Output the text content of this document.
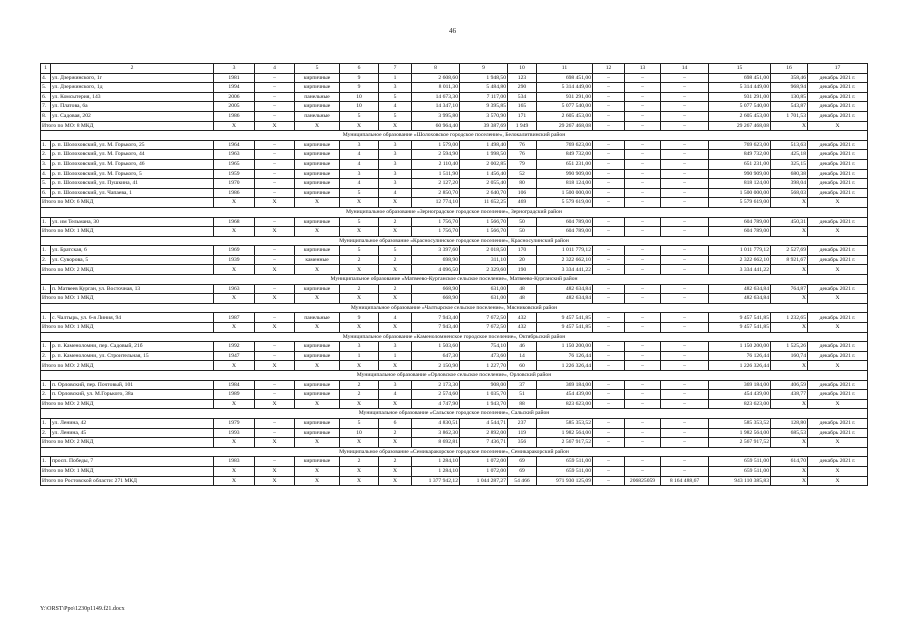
46
1	2	3	4	5	6	7	8	9	10	11	12	13	14	15	16	17
4.	ул. Дзержинского, 1г	1981	–	кирпичные	9	1	2 608,60	1 948,50	123	698 451,00	–	–	–	698 451,00	358,46	декабрь 2021 г.
5.	ул. Дзержинского, 1д	1994	–	кирпичные	9	3	8 011,30	5 484,80	290	5 314 449,00	–	–	–	5 314 449,00	968,94	декабрь 2021 г.
6.	ул. Комсытерия, 143	2006	–	панельные	10	5	14 673,30	7 117,00	534	931 291,00	–	–	–	931 291,00	130,85	декабрь 2021 г.
7.	ул. Платова, 6а	2005	–	кирпичные	10	4	14 347,10	9 395,85	165	5 077 540,00	–	–	–	5 077 540,00	543,87	декабрь 2021 г.
8.	ул. Садовая, 202	1986	–	панельные	5	5	3 995,80	3 570,90	171	2 605 453,00	–	–	–	2 605 453,00	1 701,53	декабрь 2021 г.
Итого по МО: 8 МКД		X	X	X	X	X	60 964,40	39 387,69	1 949	29 267 468,08	–	–	–	29 267 468,08	X	X
Муниципальное образование «Шолоховское городское поселение», Белокалитвинский район																
1.	р. п. Шолоховский, ул. М. Горького, 25	1964	–	кирпичные	3	3	1 579,00	1 498,40	76	769 623,00	–	–	–	769 623,00	513,63	декабрь 2021 г.
2.	р. п. Шолоховский, ул. М. Горького, 44	1963	–	кирпичные	4	3	2 594,90	1 998,50	76	849 732,00	–	–	–	849 732,00	425,18	декабрь 2021 г.
3.	р. п. Шолоховский, ул. М. Горького, 46	1965	–	кирпичные	4	3	2 110,40	2 002,85	79	651 231,00	–	–	–	651 231,00	325,15	декабрь 2021 г.
4.	р. п. Шолоховский, ул. М. Горького, 5	1959	–	кирпичные	3	3	1 511,90	1 456,40	52	990 909,00	–	–	–	990 909,00	680,38	декабрь 2021 г.
5.	р. п. Шолоховский, ул. Пушкина, 41	1970	–	кирпичные	4	3	2 127,20	2 055,40	80	818 124,00	–	–	–	818 124,00	398,04	декабрь 2021 г.
6.	р. п. Шолоховский, ул. Чапаева, 1	1986	–	кирпичные	5	4	2 850,70	2 640,70	106	1 500 000,00	–	–	–	1 500 000,00	568,03	декабрь 2021 г.
Итого по МО: 6 МКД		X	X	X	X	X	12 774,10	11 652,25	469	5 579 619,00	–	–	–	5 579 619,00	X	X
Муниципальное образование «Зерноградское городское поселение», Зерноградский район																
1.	ул. им Тельмана, 30	1968	–	кирпичные	5	2	1 756,70	1 566,70	50	604 789,00	–	–	–	604 789,00	450,31	декабрь 2021 г.
Итого по МО: 1 МКД		X	X	X	X	X	1 756,70	1 566,70	50	604 789,00	–	–	–	604 789,00	X	X
Муниципальное образование «Красносулинское городское поселение», Красносулинский район																
1.	ул. Братская, 6	1969	–	кирпичные	5	5	3 397,60	2 018,50	170	1 011 779,12	–	–	–	1 011 779,12	2 527,69	декабрь 2021 г.
2.	ул. Суворова, 5	1939	–	каменные	2	2	698,90	311,10	20	2 322 662,10	–	–	–	2 322 662,10	8 921,67	декабрь 2021 г.
Итого по МО: 2 МКД		X	X	X	X	X	4 096,50	2 329,60	190	3 334 441,22	–	–	–	3 334 441,22	X	X
Муниципальное образование «Матвеево-Курганское сельское поселение», Матвеево-Курганский район																
1.	п. Матвеев Курган, ул. Восточная, 13	1963	–	кирпичные	2	2	668,90	631,00	48	482 634,84	–	–	–	482 634,84	764,87	декабрь 2021 г.
Итого по МО: 1 МКД		X	X	X	X	X	668,90	631,00	48	482 634,84	–	–	–	482 634,84	X	X
Муниципальное образование «Чалтырское сельское поселение», Мясниковский район																
1.	с. Чалтырь, ул. 6-я Линия, 94	1987	–	панельные	9	4	7 943,40	7 672,50	432	9 457 541,85	–	–	–	9 457 541,85	1 232,65	декабрь 2021 г.
Итого по МО: 1 МКД		X	X	X	X	X	7 943,40	7 672,50	432	9 457 541,85	–	–	–	9 457 541,85	X	X
Муниципальное образование «Каменоломненское городское поселение», Октябрьский район																
1.	р. п. Каменоломни, пер. Садовый, 21б	1992	–	кирпичные	3	3	1 503,60	754,10	46	1 150 200,00	–	–	–	1 150 200,00	1 525,26	декабрь 2021 г.
2.	р. п. Каменоломни, ул. Строительная, 15	1947	–	кирпичные	1	1	647,30	473,60	14	76 126,44	–	–	–	76 126,44	160,74	декабрь 2021 г.
Итого по МО: 2 МКД		X	X	X	X	X	2 150,90	1 227,70	60	1 226 326,44	–	–	–	1 226 326,44	X	X
Муниципальное образование «Орловское сельское поселение», Орловский район																
1.	п. Орловский, пер. Почтовый, 101	1984	–	кирпичные	2	3	2 173,30	908,00	37	369 184,00	–	–	–	369 184,00	406,59	декабрь 2021 г.
2.	п. Орловский, ул. М.Горького, 38а	1989	–	кирпичные	2	4	2 574,60	1 035,70	51	454 439,00	–	–	–	454 439,00	438,77	декабрь 2021 г.
Итого по МО: 2 МКД		X	X	X	X	X	4 747,90	1 943,70	88	823 623,00	–	–	–	823 623,00	X	X
Муниципальное образование «Сальское городское поселение», Сальский район																
1.	ул. Ленина, 42	1979	–	кирпичные	5	6	4 830,51	4 544,71	237	585 353,52	–	–	–	585 353,52	128,80	декабрь 2021 г.
2.	ул. Ленина, 45	1993	–	кирпичные	10	2	3 862,30	2 892,00	119	1 982 564,00	–	–	–	1 982 564,00	685,53	декабрь 2021 г.
Итого по МО: 2 МКД		X	X	X	X	X	8 692,81	7 436,71	356	2 567 917,52	–	–	–	2 567 917,52	X	X
Муниципальное образование «Семикаракорское городское поселение», Семикаракорский район																
1.	просп. Победы, 7	1983	–	кирпичные	2	2	1 284,10	1 072,00	69	659 511,00	–	–	–	659 511,00	614,70	декабрь 2021 г.
Итого по МО: 1 МКД		X	X	X	X	X	1 284,10	1 072,00	69	659 511,00	–	–	–	659 511,00	X	X
Итого по Ростовской области: 271 МКД		X	X	X	X	X	1 377 942,12	1 044 287,27	54 466	971 930 125,09	–	206825059	8 164 488,67	943 110 385,83	X	X
Y:\ORST\Ppo\1230p1149.f21.docx
